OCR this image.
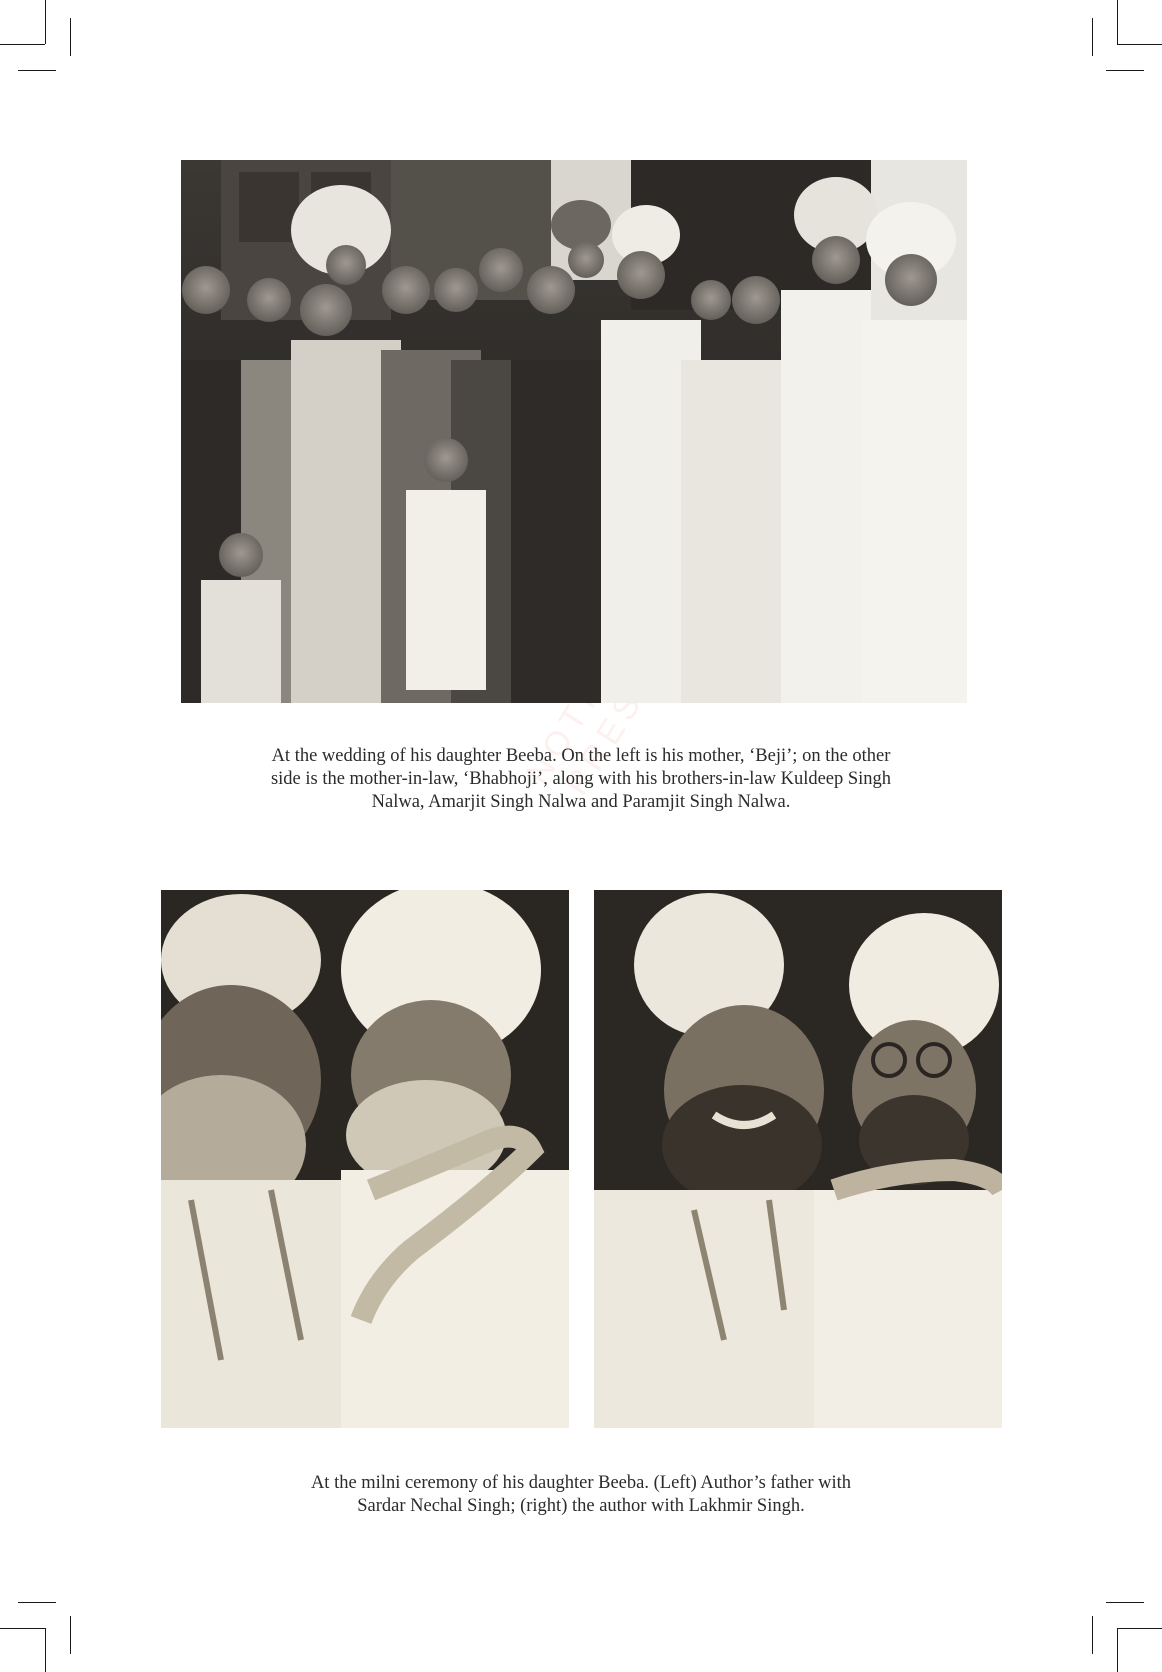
NOTION PRESS

At the wedding of his daughter Beeba. On the left is his mother, ‘Beji’; on the other
side is the mother-in-law, ‘Bhabhoji’, along with his brothers-in-law Kuldeep Singh
Nalwa, Amarjit Singh Nalwa and Paramjit Singh Nalwa.

At the milni ceremony of his daughter Beeba. (Left) Author’s father with
Sardar Nechal Singh; (right) the author with Lakhmir Singh.
